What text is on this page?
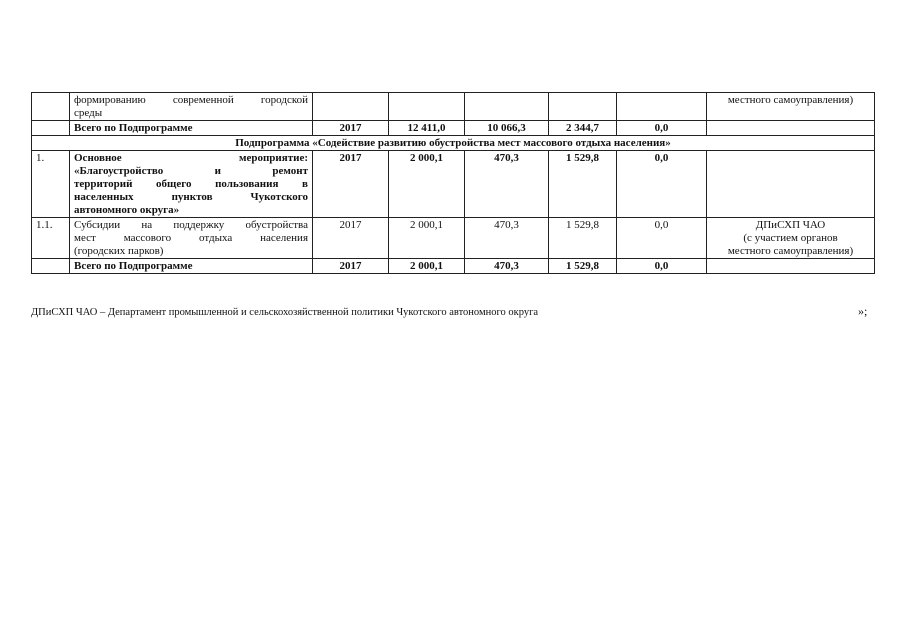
	формированию современной городской
среды						местного самоуправления)
	Всего по Подпрограмме	2017	12 411,0	10 066,3	2 344,7	0,0	
Подпрограмма «Содействие развитию обустройства мест массового отдыха населения»							
1.	Основное мероприятие:
«Благоустройство и ремонт
территорий общего пользования в
населенных пунктов Чукотского
автономного округа»	2017	2 000,1	470,3	1 529,8	0,0	
1.1.	Субсидии на поддержку обустройства
мест массового отдыха населения
(городских парков)	2017	2 000,1	470,3	1 529,8	0,0	ДПиСХП ЧАО
(с участием органов
местного самоуправления)

	Всего по Подпрограмме	2017	2 000,1	470,3	1 529,8	0,0	
ДПиСХП ЧАО – Департамент промышленной и сельскохозяйственной политики Чукотского автономного округа	»;
